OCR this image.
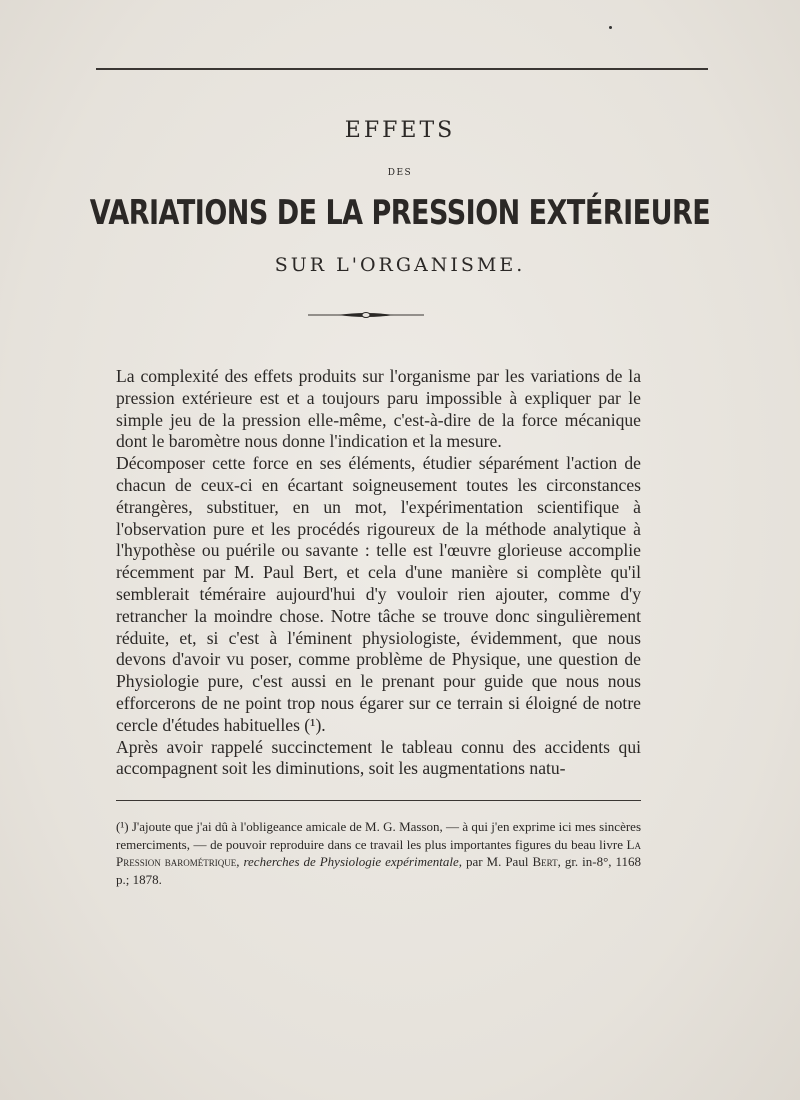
EFFETS
DES
VARIATIONS DE LA PRESSION EXTÉRIEURE
SUR L'ORGANISME.

La complexité des effets produits sur l'organisme par les variations de la pression extérieure est et a toujours paru impossible à expliquer par le simple jeu de la pression elle-même, c'est-à-dire de la force mécanique dont le baromètre nous donne l'indication et la mesure.

Décomposer cette force en ses éléments, étudier séparément l'action de chacun de ceux-ci en écartant soigneusement toutes les circonstances étrangères, substituer, en un mot, l'expérimentation scientifique à l'observation pure et les procédés rigoureux de la méthode analytique à l'hypothèse ou puérile ou savante : telle est l'œuvre glorieuse accomplie récemment par M. Paul Bert, et cela d'une manière si complète qu'il semblerait téméraire aujourd'hui d'y vouloir rien ajouter, comme d'y retrancher la moindre chose. Notre tâche se trouve donc singulièrement réduite, et, si c'est à l'éminent physiologiste, évidemment, que nous devons d'avoir vu poser, comme problème de Physique, une question de Physiologie pure, c'est aussi en le prenant pour guide que nous nous efforcerons de ne point trop nous égarer sur ce terrain si éloigné de notre cercle d'études habituelles (¹).

Après avoir rappelé succinctement le tableau connu des accidents qui accompagnent soit les diminutions, soit les augmentations natu-

(¹) J'ajoute que j'ai dû à l'obligeance amicale de M. G. Masson, — à qui j'en exprime ici mes sincères remerciments, — de pouvoir reproduire dans ce travail les plus importantes figures du beau livre La Pression barométrique, recherches de Physiologie expérimentale, par M. Paul Bert, gr. in-8°, 1168 p.; 1878.
